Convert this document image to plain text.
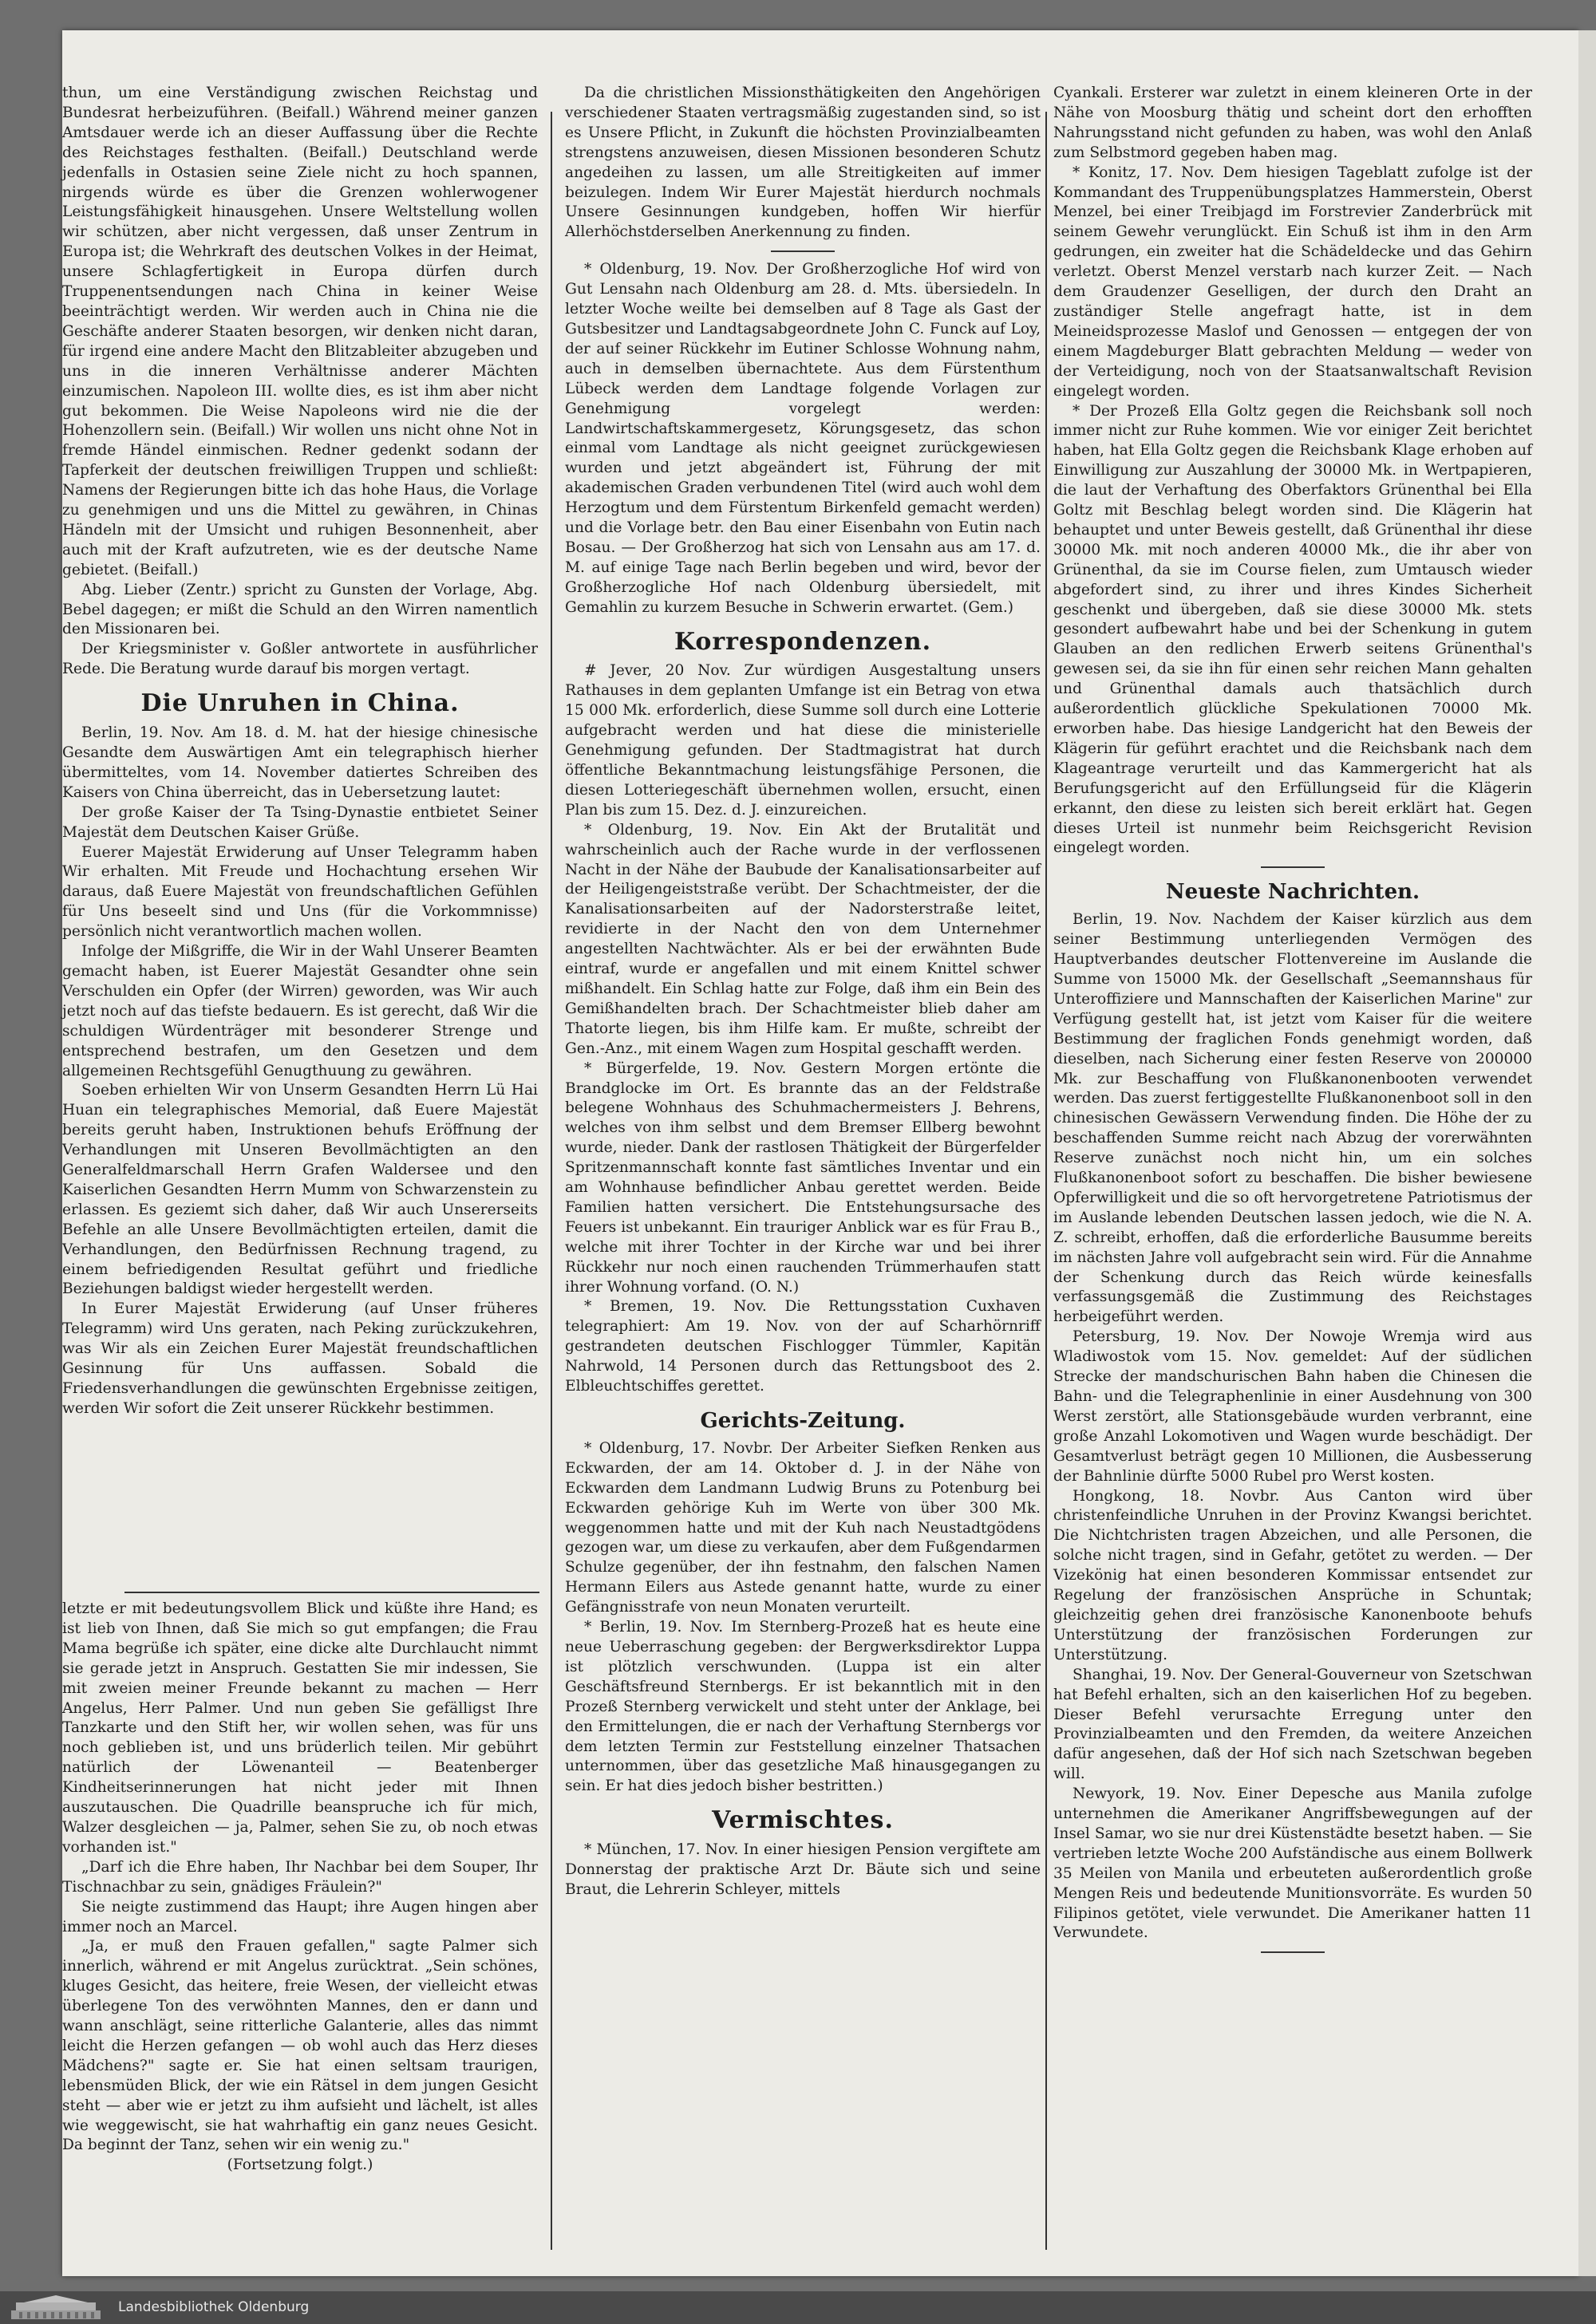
thun, um eine Verständigung zwischen Reichstag und Bundesrat herbeizuführen. (Beifall.) Während meiner ganzen Amtsdauer werde ich an dieser Auffassung über die Rechte des Reichstages festhalten. (Beifall.) Deutschland werde jedenfalls in Ostasien seine Ziele nicht zu hoch spannen, nirgends würde es über die Grenzen wohlerwogener Leistungsfähigkeit hinausgehen. Unsere Weltstellung wollen wir schützen, aber nicht vergessen, daß unser Zentrum in Europa ist; die Wehrkraft des deutschen Volkes in der Heimat, unsere Schlagfertigkeit in Europa dürfen durch Truppenentsendungen nach China in keiner Weise beeinträchtigt werden. Wir werden auch in China nie die Geschäfte anderer Staaten besorgen, wir denken nicht daran, für irgend eine andere Macht den Blitzableiter abzugeben und uns in die inneren Verhältnisse anderer Mächten einzumischen. Napoleon III. wollte dies, es ist ihm aber nicht gut bekommen. Die Weise Napoleons wird nie die der Hohenzollern sein. (Beifall.) Wir wollen uns nicht ohne Not in fremde Händel einmischen. Redner gedenkt sodann der Tapferkeit der deutschen freiwilligen Truppen und schließt: Namens der Regierungen bitte ich das hohe Haus, die Vorlage zu genehmigen und uns die Mittel zu gewähren, in Chinas Händeln mit der Umsicht und ruhigen Besonnenheit, aber auch mit der Kraft aufzutreten, wie es der deutsche Name gebietet. (Beifall.)

Abg. Lieber (Zentr.) spricht zu Gunsten der Vorlage, Abg. Bebel dagegen; er mißt die Schuld an den Wirren namentlich den Missionaren bei.

Der Kriegsminister v. Goßler antwortete in ausführlicher Rede. Die Beratung wurde darauf bis morgen vertagt.

Die Unruhen in China.

Berlin, 19. Nov. Am 18. d. M. hat der hiesige chinesische Gesandte dem Auswärtigen Amt ein telegraphisch hierher übermitteltes, vom 14. November datiertes Schreiben des Kaisers von China überreicht, das in Uebersetzung lautet:

Der große Kaiser der Ta Tsing-Dynastie entbietet Seiner Majestät dem Deutschen Kaiser Grüße.

Euerer Majestät Erwiderung auf Unser Telegramm haben Wir erhalten. Mit Freude und Hochachtung ersehen Wir daraus, daß Euere Majestät von freundschaftlichen Gefühlen für Uns beseelt sind und Uns (für die Vorkommnisse) persönlich nicht verantwortlich machen wollen.

Infolge der Mißgriffe, die Wir in der Wahl Unserer Beamten gemacht haben, ist Euerer Majestät Gesandter ohne sein Verschulden ein Opfer (der Wirren) geworden, was Wir auch jetzt noch auf das tiefste bedauern. Es ist gerecht, daß Wir die schuldigen Würdenträger mit besonderer Strenge und entsprechend bestrafen, um den Gesetzen und dem allgemeinen Rechtsgefühl Genugthuung zu gewähren.

Soeben erhielten Wir von Unserm Gesandten Herrn Lü Hai Huan ein telegraphisches Memorial, daß Euere Majestät bereits geruht haben, Instruktionen behufs Eröffnung der Verhandlungen mit Unseren Bevollmächtigten an den Generalfeldmarschall Herrn Grafen Waldersee und den Kaiserlichen Gesandten Herrn Mumm von Schwarzenstein zu erlassen. Es geziemt sich daher, daß Wir auch Unsererseits Befehle an alle Unsere Bevollmächtigten erteilen, damit die Verhandlungen, den Bedürfnissen Rechnung tragend, zu einem befriedigenden Resultat geführt und friedliche Beziehungen baldigst wieder hergestellt werden.

In Eurer Majestät Erwiderung (auf Unser früheres Telegramm) wird Uns geraten, nach Peking zurückzukehren, was Wir als ein Zeichen Eurer Majestät freundschaftlichen Gesinnung für Uns auffassen. Sobald die Friedensverhandlungen die gewünschten Ergebnisse zeitigen, werden Wir sofort die Zeit unserer Rückkehr bestimmen.

letzte er mit bedeutungsvollem Blick und küßte ihre Hand; es ist lieb von Ihnen, daß Sie mich so gut empfangen; die Frau Mama begrüße ich später, eine dicke alte Durchlaucht nimmt sie gerade jetzt in Anspruch. Gestatten Sie mir indessen, Sie mit zweien meiner Freunde bekannt zu machen — Herr Angelus, Herr Palmer. Und nun geben Sie gefälligst Ihre Tanzkarte und den Stift her, wir wollen sehen, was für uns noch geblieben ist, und uns brüderlich teilen. Mir gebührt natürlich der Löwenanteil — Beatenberger Kindheitserinnerungen hat nicht jeder mit Ihnen auszutauschen. Die Quadrille beanspruche ich für mich, Walzer desgleichen — ja, Palmer, sehen Sie zu, ob noch etwas vorhanden ist."

„Darf ich die Ehre haben, Ihr Nachbar bei dem Souper, Ihr Tischnachbar zu sein, gnädiges Fräulein?"

Sie neigte zustimmend das Haupt; ihre Augen hingen aber immer noch an Marcel.

„Ja, er muß den Frauen gefallen," sagte Palmer sich innerlich, während er mit Angelus zurücktrat. „Sein schönes, kluges Gesicht, das heitere, freie Wesen, der vielleicht etwas überlegene Ton des verwöhnten Mannes, den er dann und wann anschlägt, seine ritterliche Galanterie, alles das nimmt leicht die Herzen gefangen — ob wohl auch das Herz dieses Mädchens?" sagte er. Sie hat einen seltsam traurigen, lebensmüden Blick, der wie ein Rätsel in dem jungen Gesicht steht — aber wie er jetzt zu ihm aufsieht und lächelt, ist alles wie weggewischt, sie hat wahrhaftig ein ganz neues Gesicht. Da beginnt der Tanz, sehen wir ein wenig zu."

(Fortsetzung folgt.)

Da die christlichen Missionsthätigkeiten den Angehörigen verschiedener Staaten vertragsmäßig zugestanden sind, so ist es Unsere Pflicht, in Zukunft die höchsten Provinzialbeamten strengstens anzuweisen, diesen Missionen besonderen Schutz angedeihen zu lassen, um alle Streitigkeiten auf immer beizulegen. Indem Wir Eurer Majestät hierdurch nochmals Unsere Gesinnungen kundgeben, hoffen Wir hierfür Allerhöchstderselben Anerkennung zu finden.

* Oldenburg, 19. Nov. Der Großherzogliche Hof wird von Gut Lensahn nach Oldenburg am 28. d. Mts. übersiedeln. In letzter Woche weilte bei demselben auf 8 Tage als Gast der Gutsbesitzer und Landtagsabgeordnete John C. Funck auf Loy, der auf seiner Rückkehr im Eutiner Schlosse Wohnung nahm, auch in demselben übernachtete. Aus dem Fürstenthum Lübeck werden dem Landtage folgende Vorlagen zur Genehmigung vorgelegt werden: Landwirtschaftskammergesetz, Körungsgesetz, das schon einmal vom Landtage als nicht geeignet zurückgewiesen wurden und jetzt abgeändert ist, Führung der mit akademischen Graden verbundenen Titel (wird auch wohl dem Herzogtum und dem Fürstentum Birkenfeld gemacht werden) und die Vorlage betr. den Bau einer Eisenbahn von Eutin nach Bosau. — Der Großherzog hat sich von Lensahn aus am 17. d. M. auf einige Tage nach Berlin begeben und wird, bevor der Großherzogliche Hof nach Oldenburg übersiedelt, mit Gemahlin zu kurzem Besuche in Schwerin erwartet. (Gem.)

Korrespondenzen.

# Jever, 20 Nov. Zur würdigen Ausgestaltung unsers Rathauses in dem geplanten Umfange ist ein Betrag von etwa 15 000 Mk. erforderlich, diese Summe soll durch eine Lotterie aufgebracht werden und hat diese die ministerielle Genehmigung gefunden. Der Stadtmagistrat hat durch öffentliche Bekanntmachung leistungsfähige Personen, die diesen Lotteriegeschäft übernehmen wollen, ersucht, einen Plan bis zum 15. Dez. d. J. einzureichen.

* Oldenburg, 19. Nov. Ein Akt der Brutalität und wahrscheinlich auch der Rache wurde in der verflossenen Nacht in der Nähe der Baubude der Kanalisationsarbeiter auf der Heiligengeiststraße verübt. Der Schachtmeister, der die Kanalisationsarbeiten auf der Nadorsterstraße leitet, revidierte in der Nacht den von dem Unternehmer angestellten Nachtwächter. Als er bei der erwähnten Bude eintraf, wurde er angefallen und mit einem Knittel schwer mißhandelt. Ein Schlag hatte zur Folge, daß ihm ein Bein des Gemißhandelten brach. Der Schachtmeister blieb daher am Thatorte liegen, bis ihm Hilfe kam. Er mußte, schreibt der Gen.-Anz., mit einem Wagen zum Hospital geschafft werden.

* Bürgerfelde, 19. Nov. Gestern Morgen ertönte die Brandglocke im Ort. Es brannte das an der Feldstraße belegene Wohnhaus des Schuhmachermeisters J. Behrens, welches von ihm selbst und dem Bremser Ellberg bewohnt wurde, nieder. Dank der rastlosen Thätigkeit der Bürgerfelder Spritzenmannschaft konnte fast sämtliches Inventar und ein am Wohnhause befindlicher Anbau gerettet werden. Beide Familien hatten versichert. Die Entstehungsursache des Feuers ist unbekannt. Ein trauriger Anblick war es für Frau B., welche mit ihrer Tochter in der Kirche war und bei ihrer Rückkehr nur noch einen rauchenden Trümmerhaufen statt ihrer Wohnung vorfand. (O. N.)

* Bremen, 19. Nov. Die Rettungsstation Cuxhaven telegraphiert: Am 19. Nov. von der auf Scharhörnriff gestrandeten deutschen Fischlogger Tümmler, Kapitän Nahrwold, 14 Personen durch das Rettungsboot des 2. Elbleuchtschiffes gerettet.

Gerichts-Zeitung.

* Oldenburg, 17. Novbr. Der Arbeiter Siefken Renken aus Eckwarden, der am 14. Oktober d. J. in der Nähe von Eckwarden dem Landmann Ludwig Bruns zu Potenburg bei Eckwarden gehörige Kuh im Werte von über 300 Mk. weggenommen hatte und mit der Kuh nach Neustadtgödens gezogen war, um diese zu verkaufen, aber dem Fußgendarmen Schulze gegenüber, der ihn festnahm, den falschen Namen Hermann Eilers aus Astede genannt hatte, wurde zu einer Gefängnisstrafe von neun Monaten verurteilt.

* Berlin, 19. Nov. Im Sternberg-Prozeß hat es heute eine neue Ueberraschung gegeben: der Bergwerksdirektor Luppa ist plötzlich verschwunden. (Luppa ist ein alter Geschäftsfreund Sternbergs. Er ist bekanntlich mit in den Prozeß Sternberg verwickelt und steht unter der Anklage, bei den Ermittelungen, die er nach der Verhaftung Sternbergs vor dem letzten Termin zur Feststellung einzelner Thatsachen unternommen, über das gesetzliche Maß hinausgegangen zu sein. Er hat dies jedoch bisher bestritten.)

Vermischtes.

* München, 17. Nov. In einer hiesigen Pension vergiftete am Donnerstag der praktische Arzt Dr. Bäute sich und seine Braut, die Lehrerin Schleyer, mittels

Cyankali. Ersterer war zuletzt in einem kleineren Orte in der Nähe von Moosburg thätig und scheint dort den erhofften Nahrungsstand nicht gefunden zu haben, was wohl den Anlaß zum Selbstmord gegeben haben mag.

* Konitz, 17. Nov. Dem hiesigen Tageblatt zufolge ist der Kommandant des Truppenübungsplatzes Hammerstein, Oberst Menzel, bei einer Treibjagd im Forstrevier Zanderbrück mit seinem Gewehr verunglückt. Ein Schuß ist ihm in den Arm gedrungen, ein zweiter hat die Schädeldecke und das Gehirn verletzt. Oberst Menzel verstarb nach kurzer Zeit. — Nach dem Graudenzer Geselligen, der durch den Draht an zuständiger Stelle angefragt hatte, ist in dem Meineidsprozesse Maslof und Genossen — entgegen der von einem Magdeburger Blatt gebrachten Meldung — weder von der Verteidigung, noch von der Staatsanwaltschaft Revision eingelegt worden.

* Der Prozeß Ella Goltz gegen die Reichsbank soll noch immer nicht zur Ruhe kommen. Wie vor einiger Zeit berichtet haben, hat Ella Goltz gegen die Reichsbank Klage erhoben auf Einwilligung zur Auszahlung der 30000 Mk. in Wertpapieren, die laut der Verhaftung des Oberfaktors Grünenthal bei Ella Goltz mit Beschlag belegt worden sind. Die Klägerin hat behauptet und unter Beweis gestellt, daß Grünenthal ihr diese 30000 Mk. mit noch anderen 40000 Mk., die ihr aber von Grünenthal, da sie im Course fielen, zum Umtausch wieder abgefordert sind, zu ihrer und ihres Kindes Sicherheit geschenkt und übergeben, daß sie diese 30000 Mk. stets gesondert aufbewahrt habe und bei der Schenkung in gutem Glauben an den redlichen Erwerb seitens Grünenthal's gewesen sei, da sie ihn für einen sehr reichen Mann gehalten und Grünenthal damals auch thatsächlich durch außerordentlich glückliche Spekulationen 70000 Mk. erworben habe. Das hiesige Landgericht hat den Beweis der Klägerin für geführt erachtet und die Reichsbank nach dem Klageantrage verurteilt und das Kammergericht hat als Berufungsgericht auf den Erfüllungseid für die Klägerin erkannt, den diese zu leisten sich bereit erklärt hat. Gegen dieses Urteil ist nunmehr beim Reichsgericht Revision eingelegt worden.

Neueste Nachrichten.

Berlin, 19. Nov. Nachdem der Kaiser kürzlich aus dem seiner Bestimmung unterliegenden Vermögen des Hauptverbandes deutscher Flottenvereine im Auslande die Summe von 15000 Mk. der Gesellschaft „Seemannshaus für Unteroffiziere und Mannschaften der Kaiserlichen Marine" zur Verfügung gestellt hat, ist jetzt vom Kaiser für die weitere Bestimmung der fraglichen Fonds genehmigt worden, daß dieselben, nach Sicherung einer festen Reserve von 200000 Mk. zur Beschaffung von Flußkanonenbooten verwendet werden. Das zuerst fertiggestellte Flußkanonenboot soll in den chinesischen Gewässern Verwendung finden. Die Höhe der zu beschaffenden Summe reicht nach Abzug der vorerwähnten Reserve zunächst noch nicht hin, um ein solches Flußkanonenboot sofort zu beschaffen. Die bisher bewiesene Opferwilligkeit und die so oft hervorgetretene Patriotismus der im Auslande lebenden Deutschen lassen jedoch, wie die N. A. Z. schreibt, erhoffen, daß die erforderliche Bausumme bereits im nächsten Jahre voll aufgebracht sein wird. Für die Annahme der Schenkung durch das Reich würde keinesfalls verfassungsgemäß die Zustimmung des Reichstages herbeigeführt werden.

Petersburg, 19. Nov. Der Nowoje Wremja wird aus Wladiwostok vom 15. Nov. gemeldet: Auf der südlichen Strecke der mandschurischen Bahn haben die Chinesen die Bahn- und die Telegraphenlinie in einer Ausdehnung von 300 Werst zerstört, alle Stationsgebäude wurden verbrannt, eine große Anzahl Lokomotiven und Wagen wurde beschädigt. Der Gesamtverlust beträgt gegen 10 Millionen, die Ausbesserung der Bahnlinie dürfte 5000 Rubel pro Werst kosten.

Hongkong, 18. Novbr. Aus Canton wird über christenfeindliche Unruhen in der Provinz Kwangsi berichtet. Die Nichtchristen tragen Abzeichen, und alle Personen, die solche nicht tragen, sind in Gefahr, getötet zu werden. — Der Vizekönig hat einen besonderen Kommissar entsendet zur Regelung der französischen Ansprüche in Schuntak; gleichzeitig gehen drei französische Kanonenboote behufs Unterstützung der französischen Forderungen zur Unterstützung.

Shanghai, 19. Nov. Der General-Gouverneur von Szetschwan hat Befehl erhalten, sich an den kaiserlichen Hof zu begeben. Dieser Befehl verursachte Erregung unter den Provinzialbeamten und den Fremden, da weitere Anzeichen dafür angesehen, daß der Hof sich nach Szetschwan begeben will.

Newyork, 19. Nov. Einer Depesche aus Manila zufolge unternehmen die Amerikaner Angriffsbewegungen auf der Insel Samar, wo sie nur drei Küstenstädte besetzt haben. — Sie vertrieben letzte Woche 200 Aufständische aus einem Bollwerk 35 Meilen von Manila und erbeuteten außerordentlich große Mengen Reis und bedeutende Munitionsvorräte. Es wurden 50 Filipinos getötet, viele verwundet. Die Amerikaner hatten 11 Verwundete.

Landesbibliothek Oldenburg
